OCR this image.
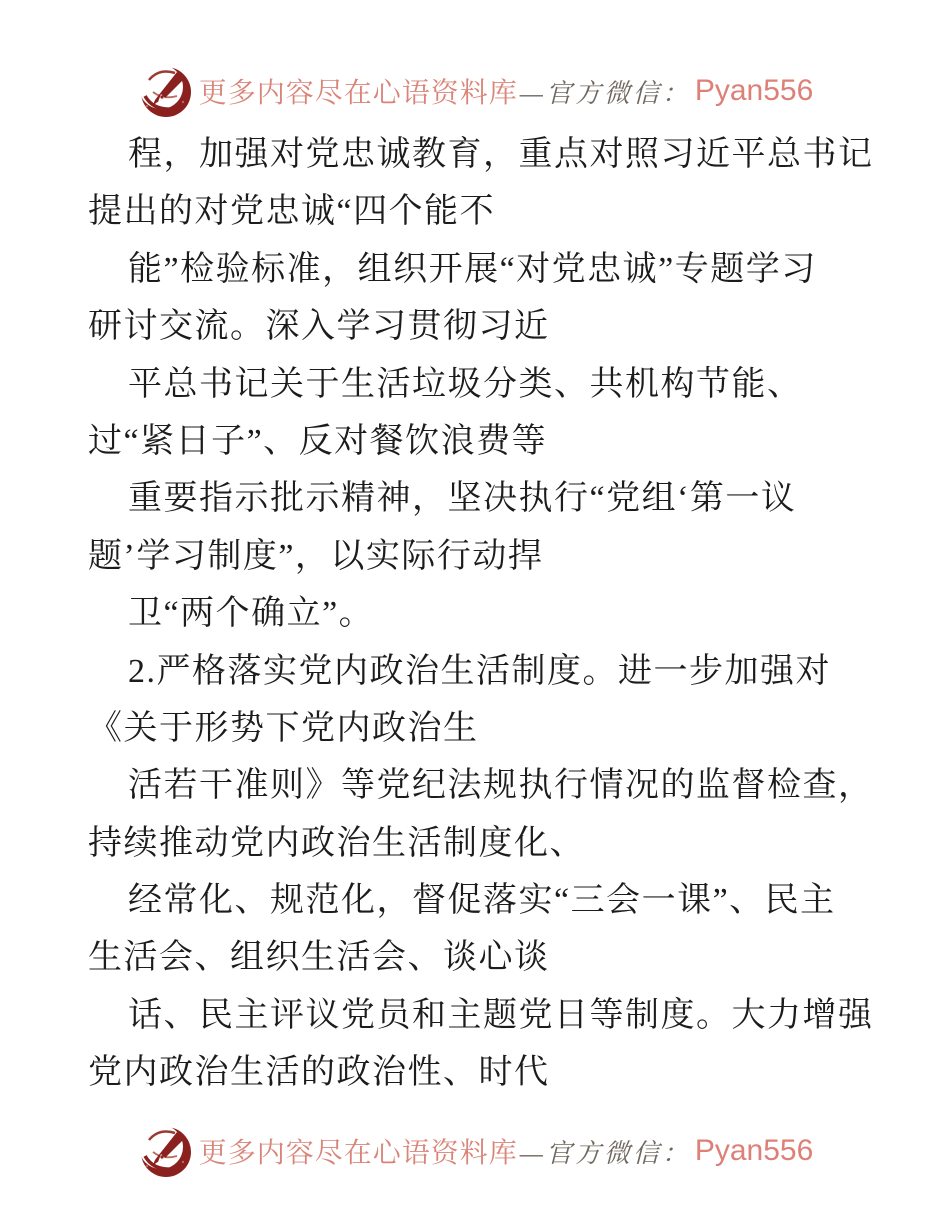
更多内容尽在心语资料库 —官方微信： Pyan556
程，加强对党忠诚教育，重点对照习近平总书记
提出的对党忠诚“四个能不
能”检验标准，组织开展“对党忠诚”专题学习
研讨交流。深入学习贯彻习近
平总书记关于生活垃圾分类、共机构节能、
过“紧日子”、反对餐饮浪费等
重要指示批示精神，坚决执行“党组‘第一议
题’学习制度”，以实际行动捍
卫“两个确立”。
2.严格落实党内政治生活制度。进一步加强对
《关于形势下党内政治生
活若干准则》等党纪法规执行情况的监督检查，
持续推动党内政治生活制度化、
经常化、规范化，督促落实“三会一课”、民主
生活会、组织生活会、谈心谈
话、民主评议党员和主题党日等制度。大力增强
党内政治生活的政治性、时代
更多内容尽在心语资料库 —官方微信： Pyan556
